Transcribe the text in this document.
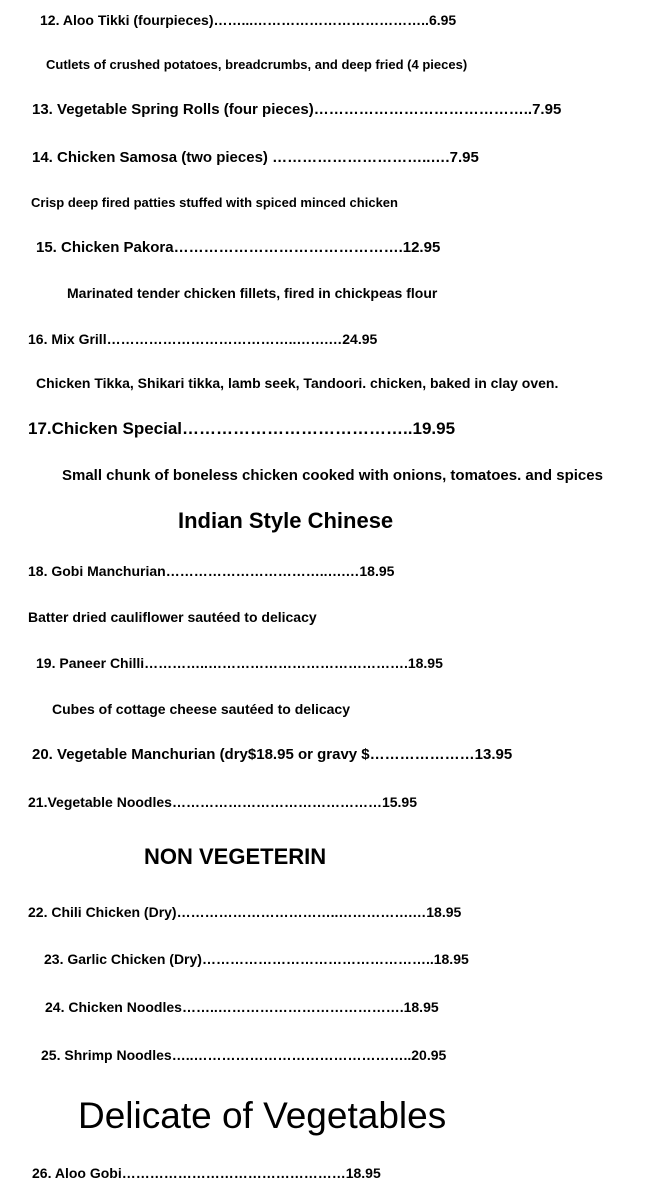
12. Aloo Tikki (fourpieces)……...………………………………..6.95
Cutlets of crushed potatoes, breadcrumbs, and deep fried (4 pieces)
13. Vegetable Spring Rolls (four pieces)……………………………………..7.95
14. Chicken Samosa (two pieces) …………………………..….7.95
Crisp deep fired patties stuffed with spiced minced chicken
15. Chicken Pakora……………………………………….12.95
Marinated tender chicken fillets, fired in chickpeas flour
16. Mix Grill…………………………………..…….…24.95
Chicken Tikka, Shikari tikka, lamb seek, Tandoori. chicken, baked in clay oven.
17.Chicken Special…………………………………..19.95
Small chunk of boneless chicken cooked with onions, tomatoes. and spices
Indian Style Chinese
18. Gobi Manchurian……………………………..….…18.95
Batter dried cauliflower sautéed to delicacy
19. Paneer Chilli…………..…………………………………….18.95
Cubes of cottage cheese sautéed to delicacy
20. Vegetable Manchurian (dry$18.95 or gravy $…………………13.95
21.Vegetable Noodles………………………………………15.95
NON VEGETERIN
22. Chili Chicken (Dry)……………………………..…………….…18.95
23. Garlic Chicken (Dry)…………………………………………..18.95
24. Chicken Noodles……..………………………………….18.95
25. Shrimp Noodles…..………………………………………..20.95
Delicate of Vegetables
26. Aloo Gobi…………………………………………18.95
